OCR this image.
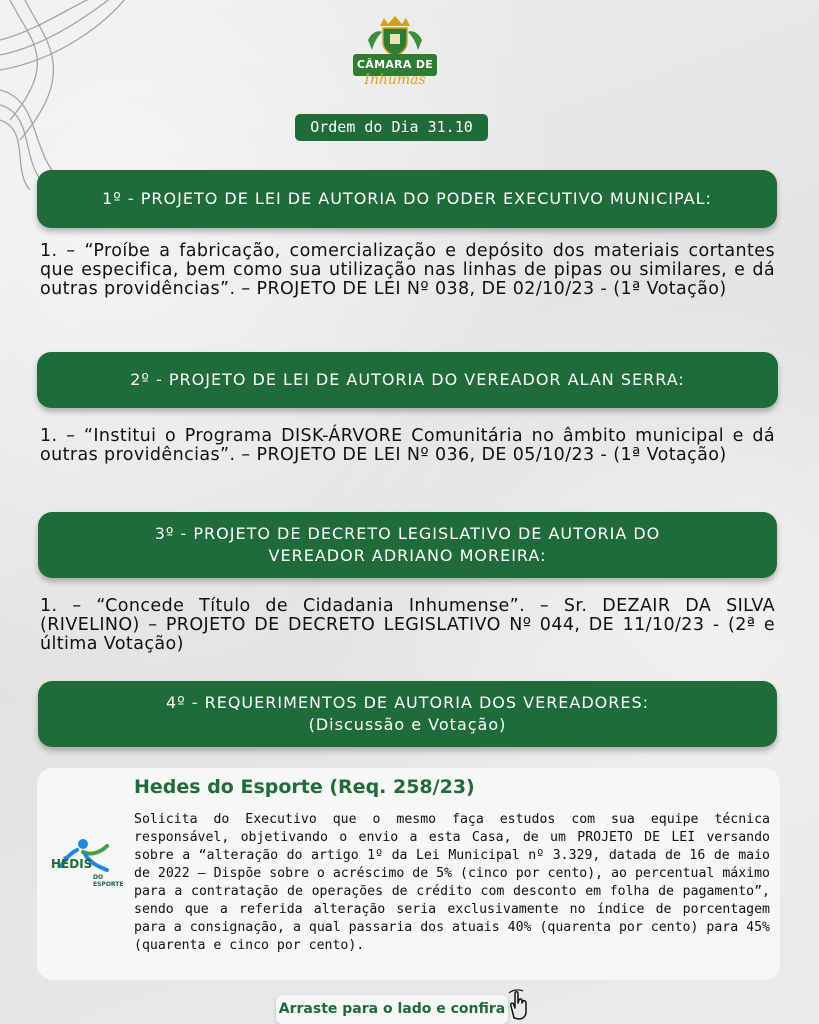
CÂMARA DE
Inhumas
Ordem do Dia 31.10
1º - PROJETO DE LEI DE AUTORIA DO PODER EXECUTIVO MUNICIPAL:
1. – “Proíbe a fabricação, comercialização e depósito dos materiais cortantes que especifica, bem como sua utilização nas linhas de pipas ou similares, e dá outras providências”. – PROJETO DE LEI Nº 038, DE 02/10/23 - (1ª Votação)
2º - PROJETO DE LEI DE AUTORIA DO VEREADOR ALAN SERRA:
1. – “Institui o Programa DISK-ÁRVORE Comunitária no âmbito municipal e dá outras providências”. – PROJETO DE LEI Nº 036, DE 05/10/23 - (1ª Votação)
3º - PROJETO DE DECRETO LEGISLATIVO DE AUTORIA DO
VEREADOR ADRIANO MOREIRA:
1. – “Concede Título de Cidadania Inhumense”. – Sr. DEZAIR DA SILVA (RIVELINO) – PROJETO DE DECRETO LEGISLATIVO Nº 044, DE 11/10/23 - (2ª e última Votação)
4º - REQUERIMENTOS DE AUTORIA DOS VEREADORES:
(Discussão e Votação)
HÊDIS
DO ESPORTE
Hedes do Esporte (Req. 258/23)
Solicita do Executivo que o mesmo faça estudos com sua equipe técnica responsável, objetivando o envio a esta Casa, de um PROJETO DE LEI versando sobre a “alteração do artigo 1º da Lei Municipal nº 3.329, datada de 16 de maio de 2022 – Dispõe sobre o acréscimo de 5% (cinco por cento), ao percentual máximo para a contratação de operações de crédito com desconto em folha de pagamento”, sendo que a referida alteração seria exclusivamente no índice de porcentagem para a consignação, a qual passaria dos atuais 40% (quarenta por cento) para 45% (quarenta e cinco por cento).
Arraste para o lado e confira
